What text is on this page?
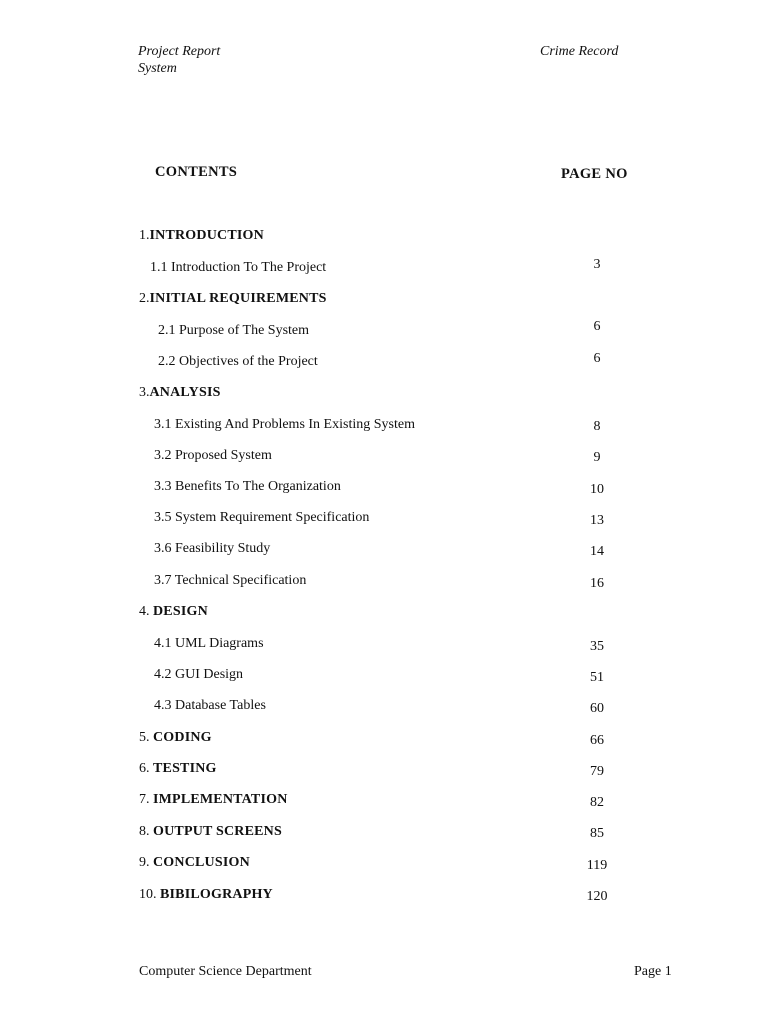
Project Report
System
Crime Record
CONTENTS	PAGE NO
1.INTRODUCTION
1.1 Introduction To The Project	3
2.INITIAL REQUIREMENTS
2.1 Purpose of The System	6
2.2 Objectives of the Project	6
3.ANALYSIS
3.1 Existing And Problems In Existing System	8
3.2 Proposed System	9
3.3 Benefits To The Organization	10
3.5 System Requirement Specification	13
3.6 Feasibility Study	14
3.7 Technical Specification	16
4. DESIGN
4.1 UML Diagrams	35
4.2 GUI Design	51
4.3 Database Tables	60
5. CODING	66
6. TESTING	79
7. IMPLEMENTATION	82
8. OUTPUT SCREENS	85
9. CONCLUSION	119
10. BIBILOGRAPHY	120
Computer Science Department	Page 1
